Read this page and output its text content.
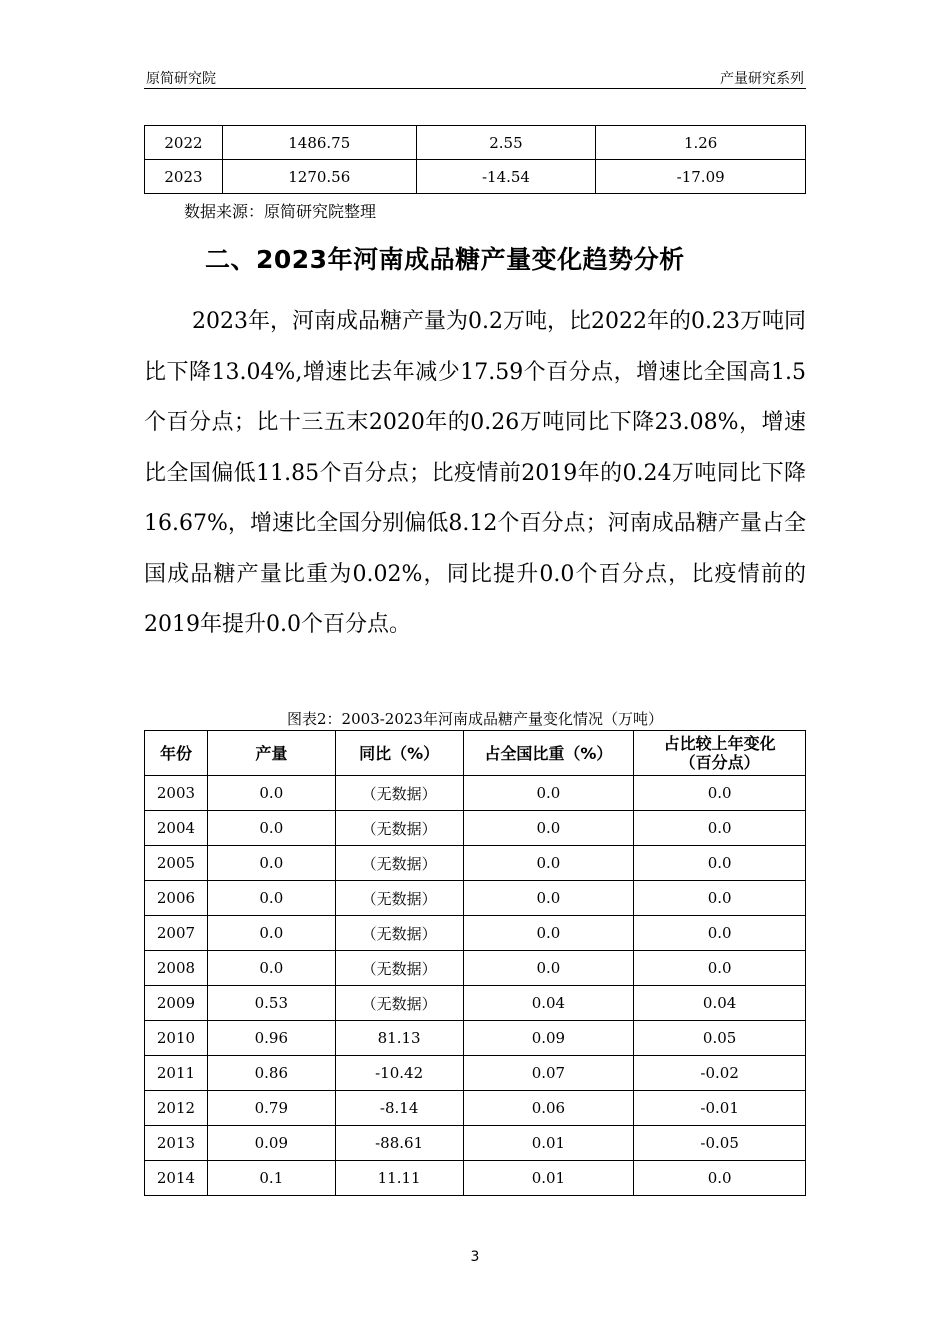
原简研究院	产量研究系列
2022	1486.75	2.55	1.26
2023	1270.56	-14.54	-17.09
数据来源：原简研究院整理
二、2023年河南成品糖产量变化趋势分析

2023年，河南成品糖产量为0.2万吨，比2022年的0.23万吨同比下降13.04%,增速比去年减少17.59个百分点，增速比全国高1.5个百分点；比十三五末2020年的0.26万吨同比下降23.08%，增速比全国偏低11.85个百分点；比疫情前2019年的0.24万吨同比下降16.67%，增速比全国分别偏低8.12个百分点；河南成品糖产量占全国成品糖产量比重为0.02%，同比提升0.0个百分点，比疫情前的2019年提升0.0个百分点。

图表2：2003-2023年河南成品糖产量变化情况（万吨）
年份	产量	同比（%）	占全国比重（%）	占比较上年变化
（百分点）
2003	0.0	（无数据）	0.0	0.0
2004	0.0	（无数据）	0.0	0.0
2005	0.0	（无数据）	0.0	0.0
2006	0.0	（无数据）	0.0	0.0
2007	0.0	（无数据）	0.0	0.0
2008	0.0	（无数据）	0.0	0.0
2009	0.53	（无数据）	0.04	0.04
2010	0.96	81.13	0.09	0.05
2011	0.86	-10.42	0.07	-0.02
2012	0.79	-8.14	0.06	-0.01
2013	0.09	-88.61	0.01	-0.05
2014	0.1	11.11	0.01	0.0
3
